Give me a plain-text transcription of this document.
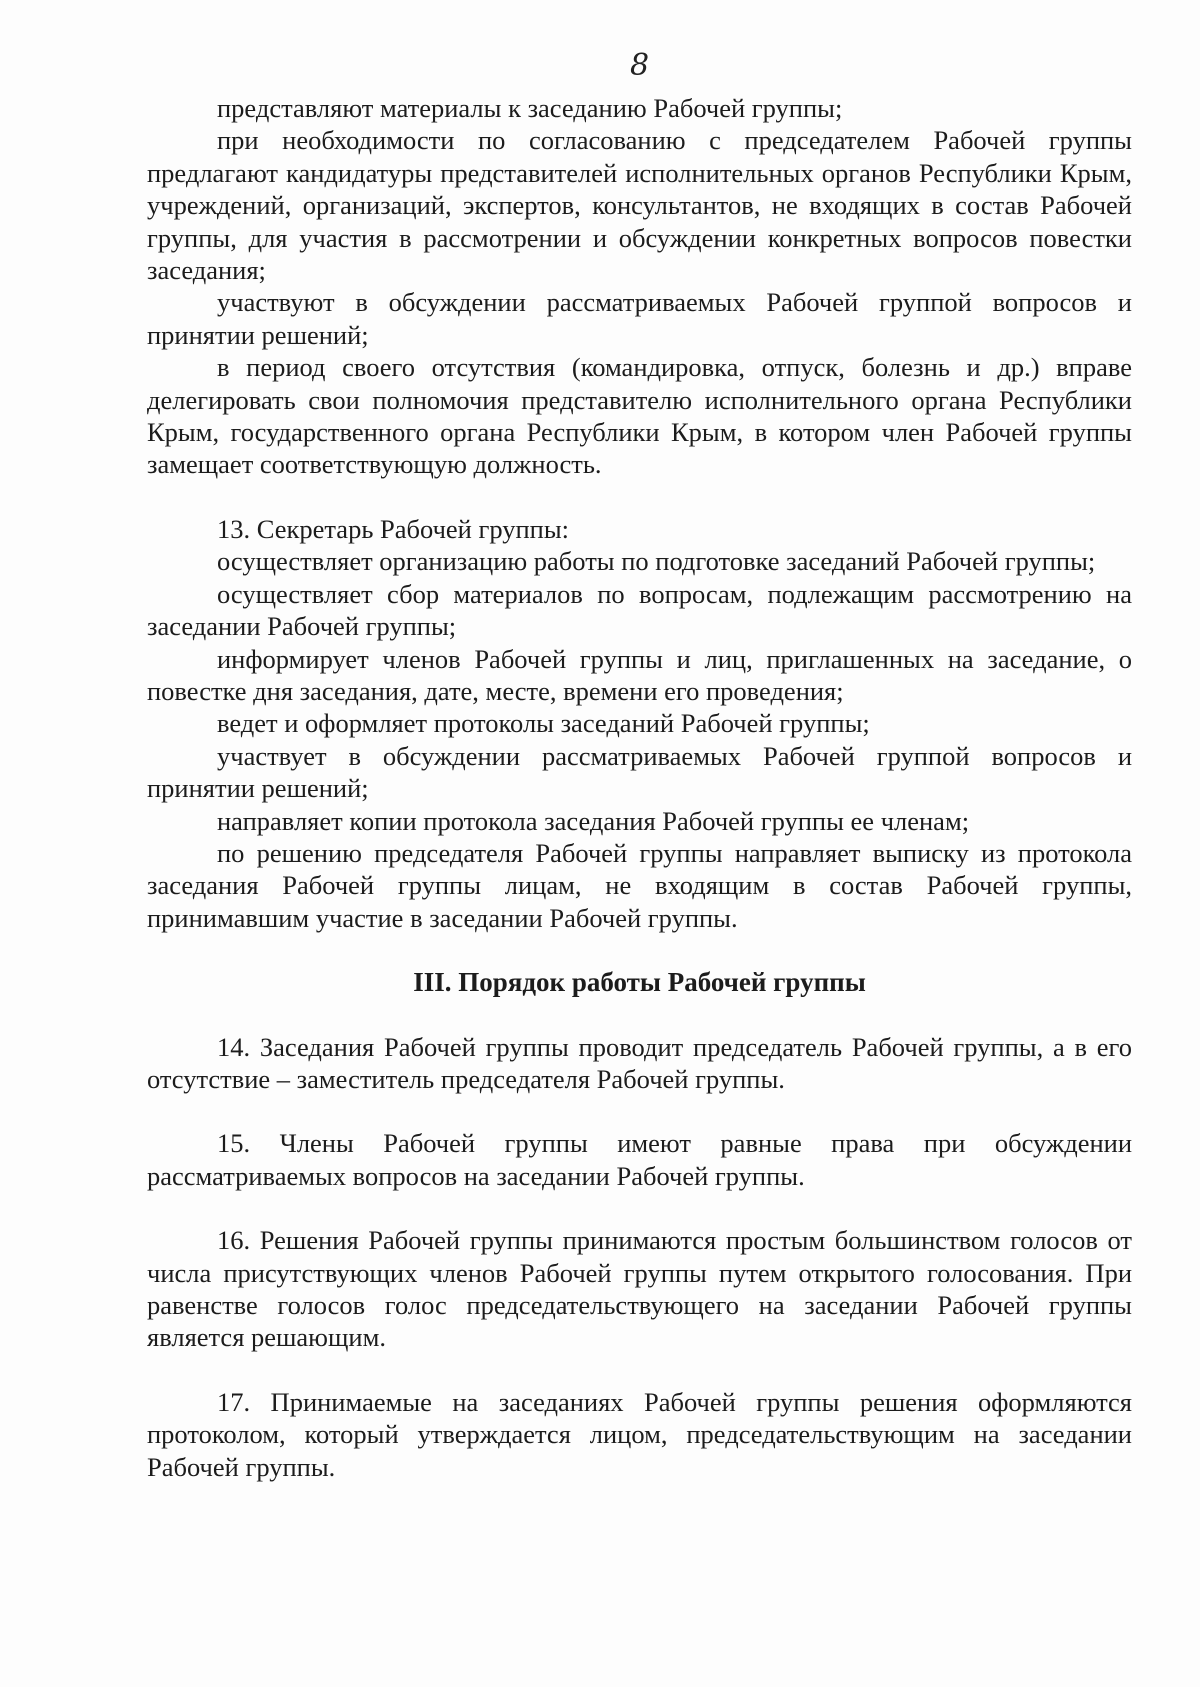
8

представляют материалы к заседанию Рабочей группы;

при необходимости по согласованию с председателем Рабочей группы предлагают кандидатуры представителей исполнительных органов Республики Крым, учреждений, организаций, экспертов, консультантов, не входящих в состав Рабочей группы, для участия в рассмотрении и обсуждении конкретных вопросов повестки заседания;

участвуют в обсуждении рассматриваемых Рабочей группой вопросов и принятии решений;

в период своего отсутствия (командировка, отпуск, болезнь и др.) вправе делегировать свои полномочия представителю исполнительного органа Республики Крым, государственного органа Республики Крым, в котором член Рабочей группы замещает соответствующую должность.

13. Секретарь Рабочей группы:

осуществляет организацию работы по подготовке заседаний Рабочей группы;

осуществляет сбор материалов по вопросам, подлежащим рассмотрению на заседании Рабочей группы;

информирует членов Рабочей группы и лиц, приглашенных на заседание, о повестке дня заседания, дате, месте, времени его проведения;

ведет и оформляет протоколы заседаний Рабочей группы;

участвует в обсуждении рассматриваемых Рабочей группой вопросов и принятии решений;

направляет копии протокола заседания Рабочей группы ее членам;

по решению председателя Рабочей группы направляет выписку из протокола заседания Рабочей группы лицам, не входящим в состав Рабочей группы, принимавшим участие в заседании Рабочей группы.

III. Порядок работы Рабочей группы

14. Заседания Рабочей группы проводит председатель Рабочей группы, а в его отсутствие – заместитель председателя Рабочей группы.

15. Члены Рабочей группы имеют равные права при обсуждении рассматриваемых вопросов на заседании Рабочей группы.

16. Решения Рабочей группы принимаются простым большинством голосов от числа присутствующих членов Рабочей группы путем открытого голосования. При равенстве голосов голос председательствующего на заседании Рабочей группы является решающим.

17. Принимаемые на заседаниях Рабочей группы решения оформляются протоколом, который утверждается лицом, председательствующим на заседании Рабочей группы.
